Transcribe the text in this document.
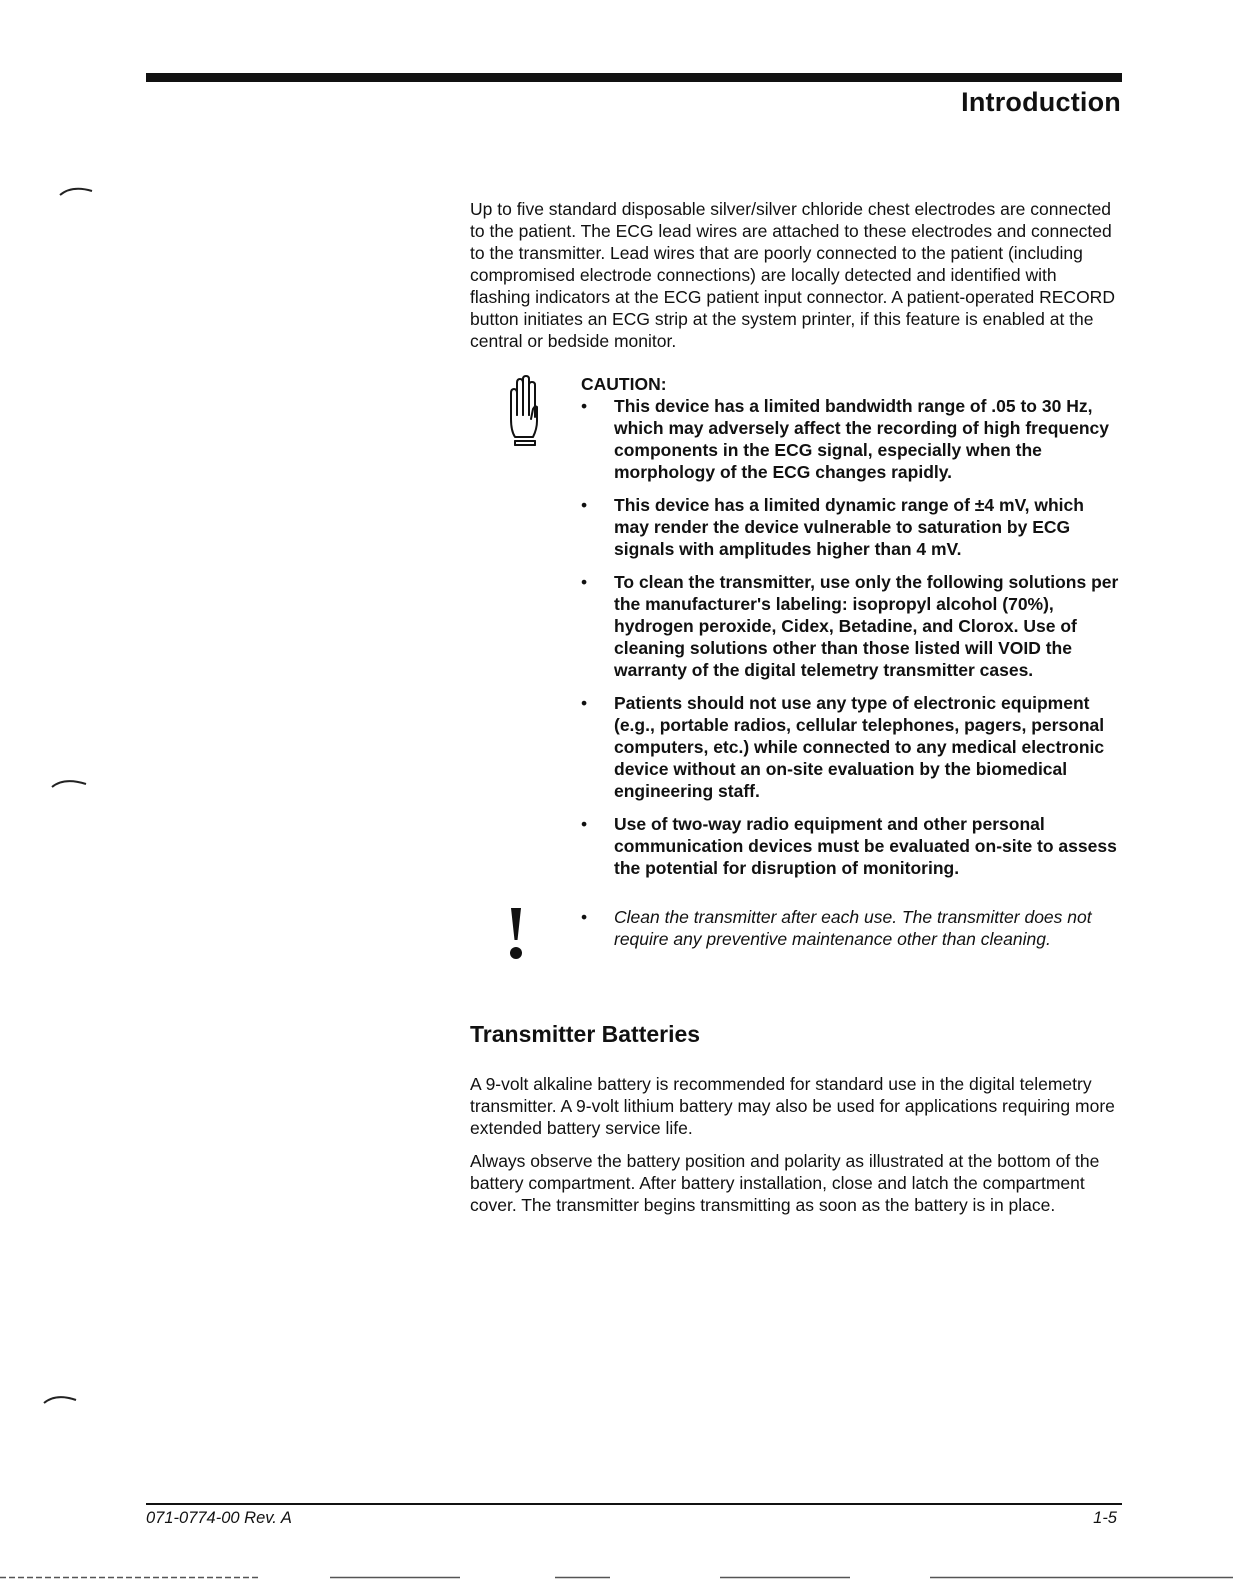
Introduction

Up to five standard disposable silver/silver chloride chest electrodes are connected to the patient. The ECG lead wires are attached to these electrodes and connected to the transmitter. Lead wires that are poorly connected to the patient (including compromised electrode connections) are locally detected and identified with flashing indicators at the ECG patient input connector. A patient-operated RECORD button initiates an ECG strip at the system printer, if this feature is enabled at the central or bedside monitor.

CAUTION:

• This device has a limited bandwidth range of .05 to 30 Hz, which may adversely affect the recording of high frequency components in the ECG signal, especially when the morphology of the ECG changes rapidly.
• This device has a limited dynamic range of ±4 mV, which may render the device vulnerable to saturation by ECG signals with amplitudes higher than 4 mV.
• To clean the transmitter, use only the following solutions per the manufacturer's labeling: isopropyl alcohol (70%), hydrogen peroxide, Cidex, Betadine, and Clorox. Use of cleaning solutions other than those listed will VOID the warranty of the digital telemetry transmitter cases.
• Patients should not use any type of electronic equipment (e.g., portable radios, cellular telephones, pagers, personal computers, etc.) while connected to any medical electronic device without an on-site evaluation by the biomedical engineering staff.
• Use of two-way radio equipment and other personal communication devices must be evaluated on-site to assess the potential for disruption of monitoring.

• Clean the transmitter after each use. The transmitter does not require any preventive maintenance other than cleaning.

Transmitter Batteries

A 9-volt alkaline battery is recommended for standard use in the digital telemetry transmitter. A 9-volt lithium battery may also be used for applications requiring more extended battery service life.

Always observe the battery position and polarity as illustrated at the bottom of the battery compartment. After battery installation, close and latch the compartment cover. The transmitter begins transmitting as soon as the battery is in place.

071-0774-00 Rev. A	1-5
